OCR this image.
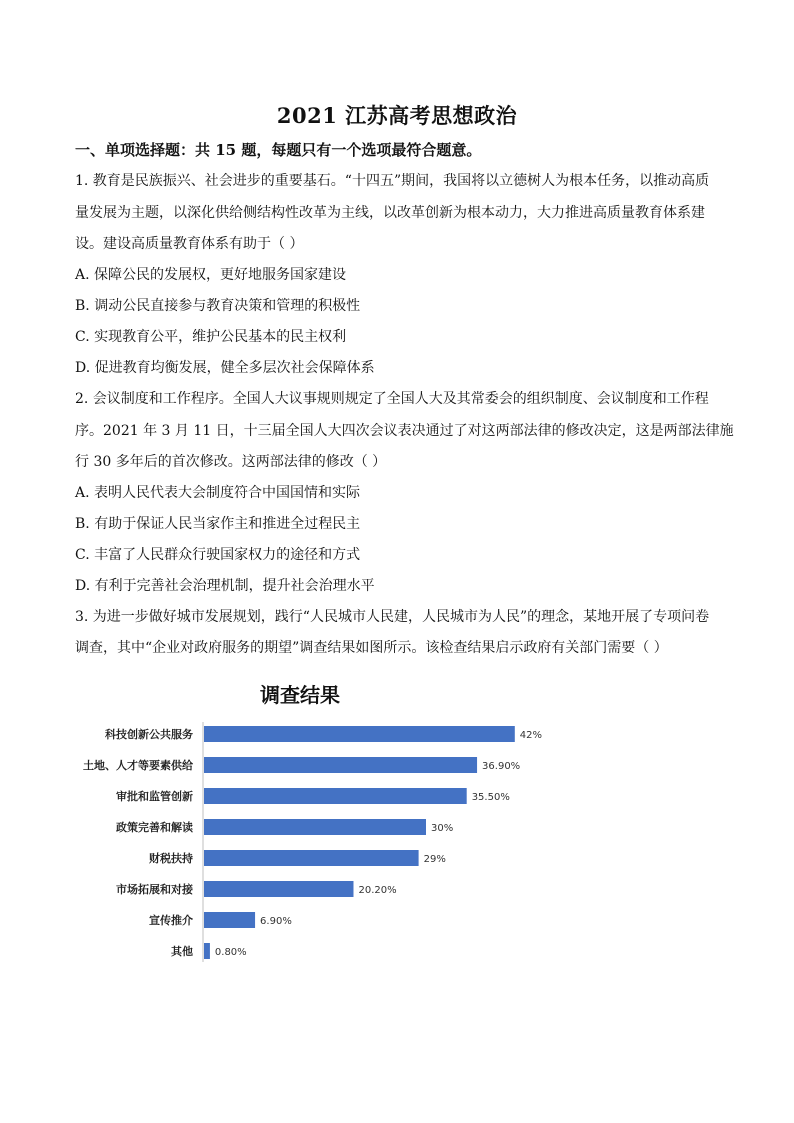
2021 江苏高考思想政治
一、单项选择题：共 15 题，每题只有一个选项最符合题意。
1. 教育是民族振兴、社会进步的重要基石。“十四五”期间，我国将以立德树人为根本任务，以推动高质
量发展为主题，以深化供给侧结构性改革为主线，以改革创新为根本动力，大力推进高质量教育体系建
设。建设高质量教育体系有助于（ ）
A. 保障公民的发展权，更好地服务国家建设
B. 调动公民直接参与教育决策和管理的积极性
C. 实现教育公平，维护公民基本的民主权利
D. 促进教育均衡发展，健全多层次社会保障体系
2. 会议制度和工作程序。全国人大议事规则规定了全国人大及其常委会的组织制度、会议制度和工作程
序。2021 年 3 月 11 日，十三届全国人大四次会议表决通过了对这两部法律的修改决定，这是两部法律施
行 30 多年后的首次修改。这两部法律的修改（ ）
A. 表明人民代表大会制度符合中国国情和实际
B. 有助于保证人民当家作主和推进全过程民主
C. 丰富了人民群众行驶国家权力的途径和方式
D. 有利于完善社会治理机制，提升社会治理水平
3. 为进一步做好城市发展规划，践行“人民城市人民建，人民城市为人民”的理念，某地开展了专项问卷
调查，其中“企业对政府服务的期望”调查结果如图所示。该检查结果启示政府有关部门需要（ ）
调查结果
科技创新公共服务	42%
土地、人才等要素供给	36.90%
审批和监管创新	35.50%
政策完善和解读	30%
财税扶持	29%
市场拓展和对接	20.20%
宣传推介	6.90%
其他 0.80%
